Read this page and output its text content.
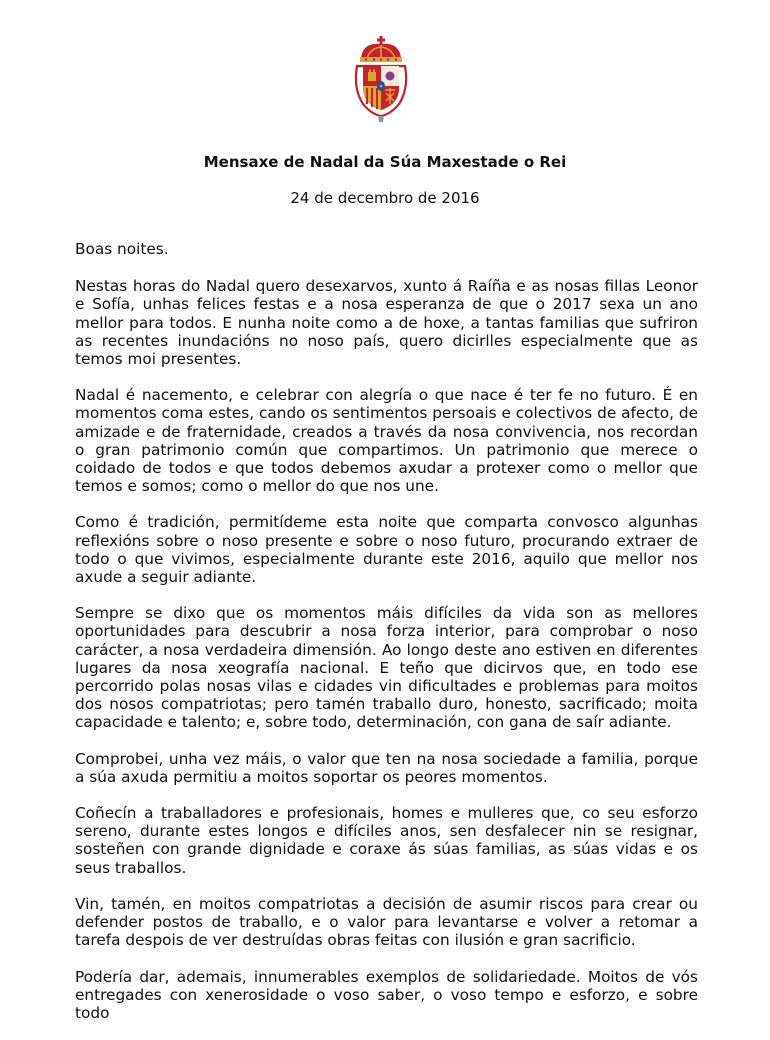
Mensaxe de Nadal da Súa Maxestade o Rei

24 de decembro de 2016

Boas noites.

Nestas horas do Nadal quero desexarvos, xunto á Raíña e as nosas fillas Leonor e Sofía, unhas felices festas e a nosa esperanza de que o 2017 sexa un ano mellor para todos. E nunha noite como a de hoxe, a tantas familias que sufriron as recentes inundacións no noso país, quero dicirlles especialmente que as temos moi presentes.

Nadal é nacemento, e celebrar con alegría o que nace é ter fe no futuro. É en momentos coma estes, cando os sentimentos persoais e colectivos de afecto, de amizade e de fraternidade, creados a través da nosa convivencia, nos recordan o gran patrimonio común que compartimos. Un patrimonio que merece o coidado de todos e que todos debemos axudar a protexer como o mellor que temos e somos; como o mellor do que nos une.

Como é tradición, permitídeme esta noite que comparta convosco algunhas reflexións sobre o noso presente e sobre o noso futuro, procurando extraer de todo o que vivimos, especialmente durante este 2016, aquilo que mellor nos axude a seguir adiante.

Sempre se dixo que os momentos máis difíciles da vida son as mellores oportunidades para descubrir a nosa forza interior, para comprobar o noso carácter, a nosa verdadeira dimensión. Ao longo deste ano estiven en diferentes lugares da nosa xeografía nacional. E teño que dicirvos que, en todo ese percorrido polas nosas vilas e cidades vin dificultades e problemas para moitos dos nosos compatriotas; pero tamén traballo duro, honesto, sacrificado; moita capacidade e talento; e, sobre todo, determinación, con gana de saír adiante.

Comprobei, unha vez máis, o valor que ten na nosa sociedade a familia, porque a súa axuda permitiu a moitos soportar os peores momentos.

Coñecín a traballadores e profesionais, homes e mulleres que, co seu esforzo sereno, durante estes longos e difíciles anos, sen desfalecer nin se resignar, sosteñen con grande dignidade e coraxe ás súas familias, as súas vidas e os seus traballos.

Vin, tamén, en moitos compatriotas a decisión de asumir riscos para crear ou defender postos de traballo, e o valor para levantarse e volver a retomar a tarefa despois de ver destruídas obras feitas con ilusión e gran sacrificio.

Podería dar, ademais, innumerables exemplos de solidariedade. Moitos de vós entregades con xenerosidade o voso saber, o voso tempo e esforzo, e sobre todo
